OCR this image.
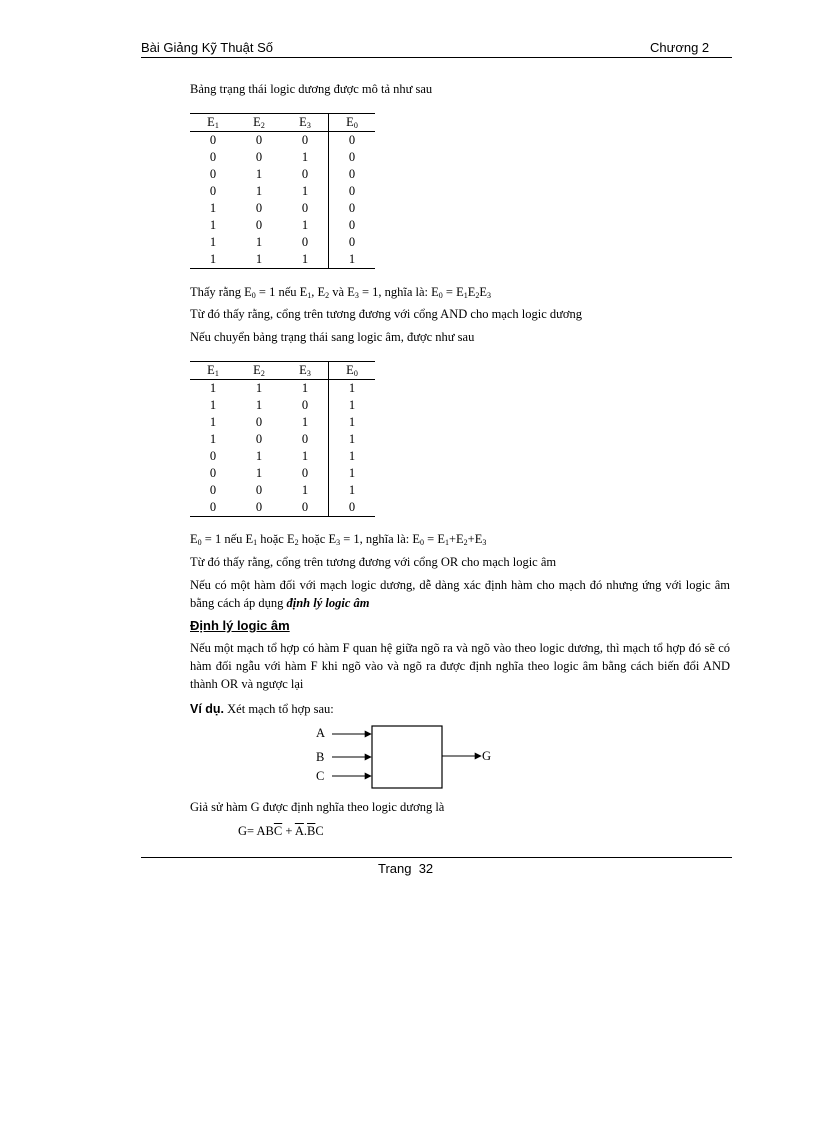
Bài Giảng Kỹ Thuật Số	Chương 2
Bảng trạng thái logic dương được mô tả như sau
$E_1$	$E_2$	$E_3$	$E_0$
0	0	0	0
0	0	1	0
0	1	0	0
0	1	1	0
1	0	0	0
1	0	1	0
1	1	0	0
1	1	1	1
Thấy rằng $E_0 = 1$ nếu $E_1$, $E_2$ và $E_3 = 1$, nghĩa là: $E_0 = E_1E_2E_3$
Từ đó thấy rằng, cổng trên tương đương với cổng AND cho mạch logic dương
Nếu chuyển bảng trạng thái sang logic âm, được như sau
$E_1$	$E_2$	$E_3$	$E_0$
1	1	1	1
1	1	0	1
1	0	1	1
1	0	0	1
0	1	1	1
0	1	0	1
0	0	1	1
0	0	0	0
$E_0 = 1$ nếu $E_1$ hoặc $E_2$ hoặc $E_3 = 1$, nghĩa là: $E_0 = E_1+E_2+E_3$
Từ đó thấy rằng, cổng trên tương đương với cổng OR cho mạch logic âm
Nếu có một hàm đối với mạch logic dương, dễ dàng xác định hàm cho mạch đó nhưng ứng với logic âm bằng cách áp dụng định lý logic âm
Định lý logic âm
Nếu một mạch tổ hợp có hàm F quan hệ giữa ngõ ra và ngõ vào theo logic dương, thì mạch tổ hợp đó sẽ có hàm đối ngẫu với hàm F khi ngõ vào và ngõ ra được định nghĩa theo logic âm bằng cách biến đổi AND thành OR và ngược lại
Ví dụ. Xét mạch tổ hợp sau:
A
B
C
G
Giả sử hàm G được định nghĩa theo logic dương là
$G= AB\overline{C} + \overline{A}.\overline{B}C$
Trang  32
